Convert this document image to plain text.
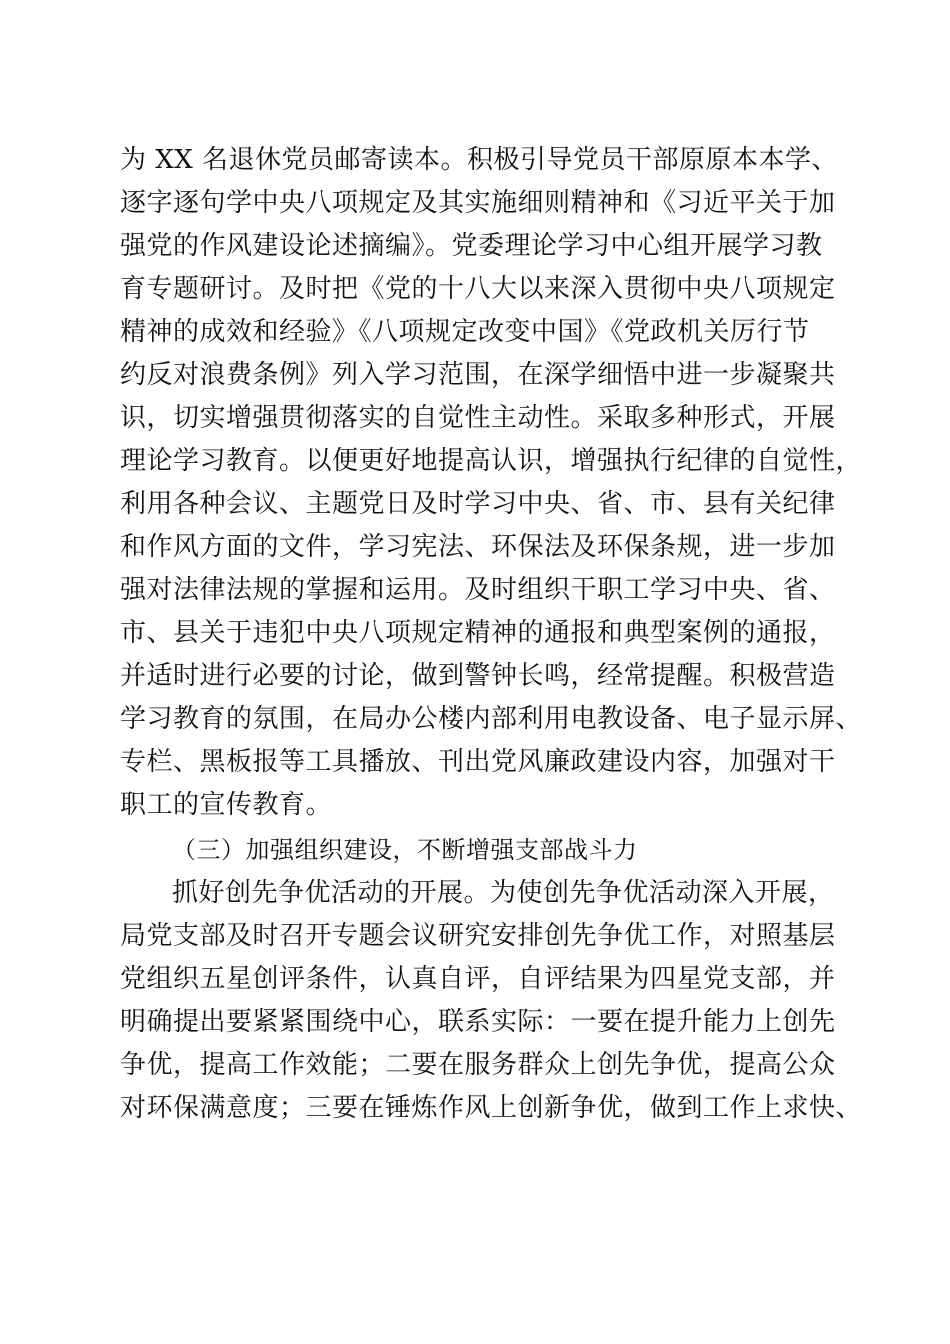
为 XX 名退休党员邮寄读本。积极引导党员干部原原本本学、
逐字逐句学中央八项规定及其实施细则精神和《习近平关于加
强党的作风建设论述摘编》。党委理论学习中心组开展学习教
育专题研讨。及时把《党的十八大以来深入贯彻中央八项规定
精神的成效和经验》《八项规定改变中国》《党政机关厉行节
约反对浪费条例》列入学习范围，在深学细悟中进一步凝聚共
识，切实增强贯彻落实的自觉性主动性。采取多种形式，开展
理论学习教育。以便更好地提高认识，增强执行纪律的自觉性，
利用各种会议、主题党日及时学习中央、省、市、县有关纪律
和作风方面的文件，学习宪法、环保法及环保条规，进一步加
强对法律法规的掌握和运用。及时组织干职工学习中央、省、
市、县关于违犯中央八项规定精神的通报和典型案例的通报，
并适时进行必要的讨论，做到警钟长鸣，经常提醒。积极营造
学习教育的氛围，在局办公楼内部利用电教设备、电子显示屏、
专栏、黑板报等工具播放、刊出党风廉政建设内容，加强对干
职工的宣传教育。
（三）加强组织建设，不断增强支部战斗力
抓好创先争优活动的开展。为使创先争优活动深入开展，
局党支部及时召开专题会议研究安排创先争优工作，对照基层
党组织五星创评条件，认真自评，自评结果为四星党支部，并
明确提出要紧紧围绕中心，联系实际：一要在提升能力上创先
争优，提高工作效能；二要在服务群众上创先争优，提高公众
对环保满意度；三要在锤炼作风上创新争优，做到工作上求快、
